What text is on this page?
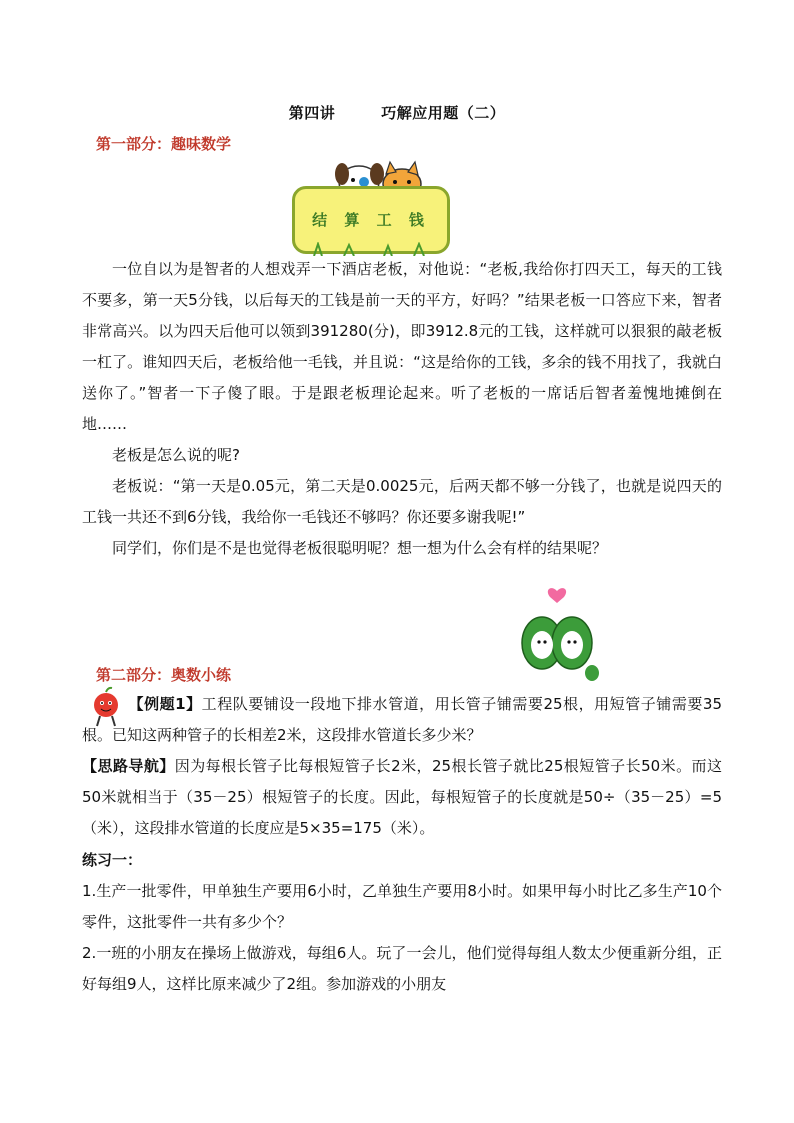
第四讲	巧解应用题（二）
第一部分：趣味数学
结 算 工 钱
一位自以为是智者的人想戏弄一下酒店老板，对他说：“老板,我给你打四天工，每天的工钱不要多，第一天5分钱，以后每天的工钱是前一天的平方，好吗？”结果老板一口答应下来，智者非常高兴。以为四天后他可以领到391280(分)，即3912.8元的工钱，这样就可以狠狠的敲老板一杠了。谁知四天后，老板给他一毛钱，并且说：“这是给你的工钱，多余的钱不用找了，我就白送你了。”智者一下子傻了眼。于是跟老板理论起来。听了老板的一席话后智者羞愧地摊倒在地……
老板是怎么说的呢?
老板说：“第一天是0.05元，第二天是0.0025元，后两天都不够一分钱了，也就是说四天的工钱一共还不到6分钱，我给你一毛钱还不够吗？你还要多谢我呢!”
同学们，你们是不是也觉得老板很聪明呢？想一想为什么会有样的结果呢？
第二部分：奥数小练
【例题1】工程队要铺设一段地下排水管道，用长管子铺需要25根，用短管子铺需要35根。已知这两种管子的长相差2米，这段排水管道长多少米？
【思路导航】因为每根长管子比每根短管子长2米，25根长管子就比25根短管子长50米。而这50米就相当于（35－25）根短管子的长度。因此，每根短管子的长度就是50÷（35－25）=5（米），这段排水管道的长度应是5×35=175（米）。
练习一：
1.生产一批零件，甲单独生产要用6小时，乙单独生产要用8小时。如果甲每小时比乙多生产10个零件，这批零件一共有多少个？
2.一班的小朋友在操场上做游戏，每组6人。玩了一会儿，他们觉得每组人数太少便重新分组，正好每组9人，这样比原来减少了2组。参加游戏的小朋友
